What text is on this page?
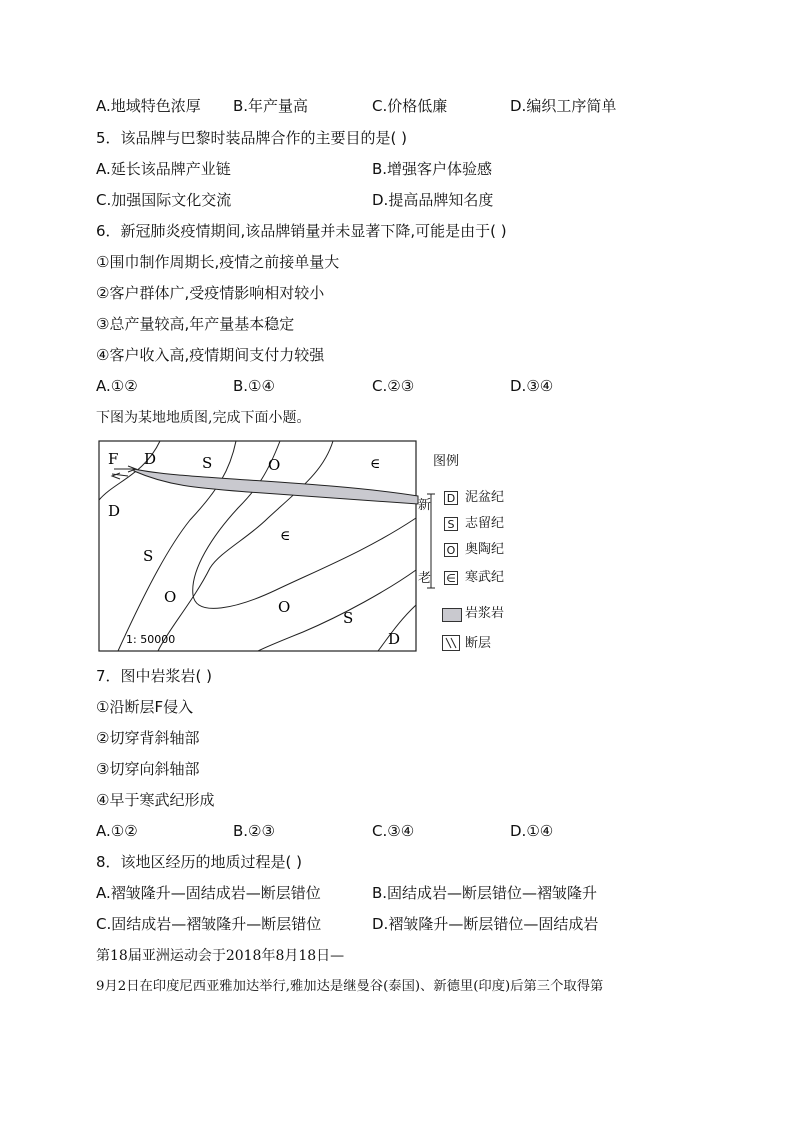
A.地域特色浓厚 B.年产量高	C.价格低廉	D.编织工序简单
5．该品牌与巴黎时装品牌合作的主要目的是( )
A.延长该品牌产业链	B.增强客户体验感
C.加强国际文化交流	D.提高品牌知名度
6．新冠肺炎疫情期间,该品牌销量并未显著下降,可能是由于( )
①围巾制作周期长,疫情之前接单量大
②客户群体广,受疫情影响相对较小
③总产量较高,年产量基本稳定
④客户收入高,疫情期间支付力较强
A.①②	B.①④	C.②③	D.③④
下图为某地地质图,完成下面小题。
F D	S	O	∈
D
S
∈
O
O
S
D
1: 50000
图例
新
老
D 泥盆纪
S 志留纪
O 奥陶纪
∈ 寒武纪
岩浆岩
断层
7．图中岩浆岩( )
①沿断层F侵入
②切穿背斜轴部
③切穿向斜轴部
④早于寒武纪形成
A.①②	B.②③	C.③④	D.①④
8．该地区经历的地质过程是( )
A.褶皱隆升—固结成岩—断层错位	B.固结成岩—断层错位—褶皱隆升
C.固结成岩—褶皱隆升—断层错位	D.褶皱隆升—断层错位—固结成岩
第18届亚洲运动会于2018年8月18日—
9月2日在印度尼西亚雅加达举行,雅加达是继曼谷(泰国)、新德里(印度)后第三个取得第
